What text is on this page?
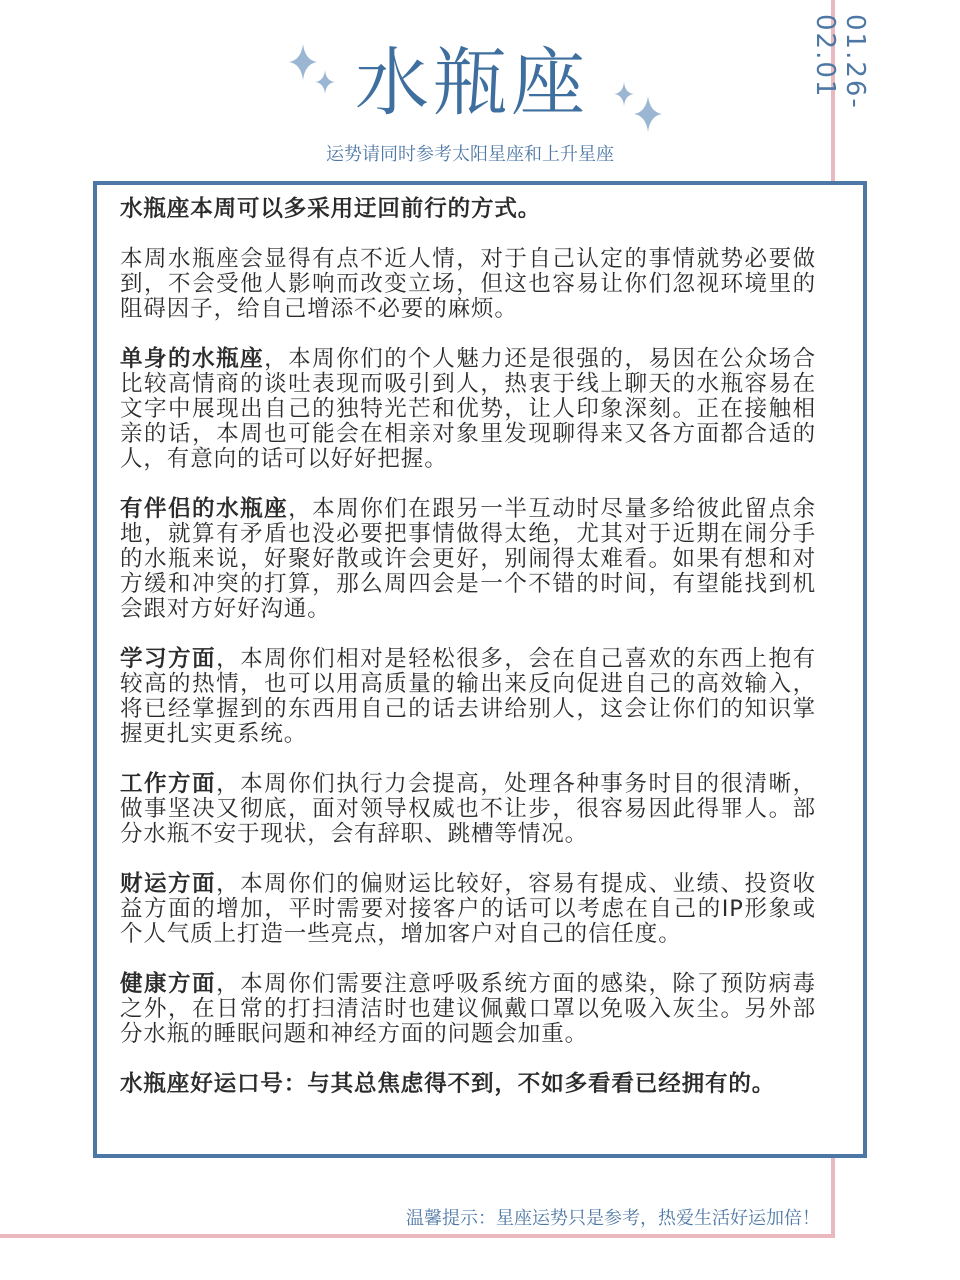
01.26-02.01
水瓶座
运势请同时参考太阳星座和上升星座

水瓶座本周可以多采用迂回前行的方式。

本周水瓶座会显得有点不近人情，对于自己认定的事情就势必要做到，不会受他人影响而改变立场，但这也容易让你们忽视环境里的阻碍因子，给自己增添不必要的麻烦。

单身的水瓶座，本周你们的个人魅力还是很强的，易因在公众场合比较高情商的谈吐表现而吸引到人，热衷于线上聊天的水瓶容易在文字中展现出自己的独特光芒和优势，让人印象深刻。正在接触相亲的话，本周也可能会在相亲对象里发现聊得来又各方面都合适的人，有意向的话可以好好把握。

有伴侣的水瓶座，本周你们在跟另一半互动时尽量多给彼此留点余地，就算有矛盾也没必要把事情做得太绝，尤其对于近期在闹分手的水瓶来说，好聚好散或许会更好，别闹得太难看。如果有想和对方缓和冲突的打算，那么周四会是一个不错的时间，有望能找到机会跟对方好好沟通。

学习方面，本周你们相对是轻松很多，会在自己喜欢的东西上抱有较高的热情，也可以用高质量的输出来反向促进自己的高效输入，将已经掌握到的东西用自己的话去讲给别人，这会让你们的知识掌握更扎实更系统。

工作方面，本周你们执行力会提高，处理各种事务时目的很清晰，做事坚决又彻底，面对领导权威也不让步，很容易因此得罪人。部分水瓶不安于现状，会有辞职、跳槽等情况。

财运方面，本周你们的偏财运比较好，容易有提成、业绩、投资收益方面的增加，平时需要对接客户的话可以考虑在自己的IP形象或个人气质上打造一些亮点，增加客户对自己的信任度。

健康方面，本周你们需要注意呼吸系统方面的感染，除了预防病毒之外，在日常的打扫清洁时也建议佩戴口罩以免吸入灰尘。另外部分水瓶的睡眠问题和神经方面的问题会加重。

水瓶座好运口号：与其总焦虑得不到，不如多看看已经拥有的。

温馨提示：星座运势只是参考，热爱生活好运加倍！
